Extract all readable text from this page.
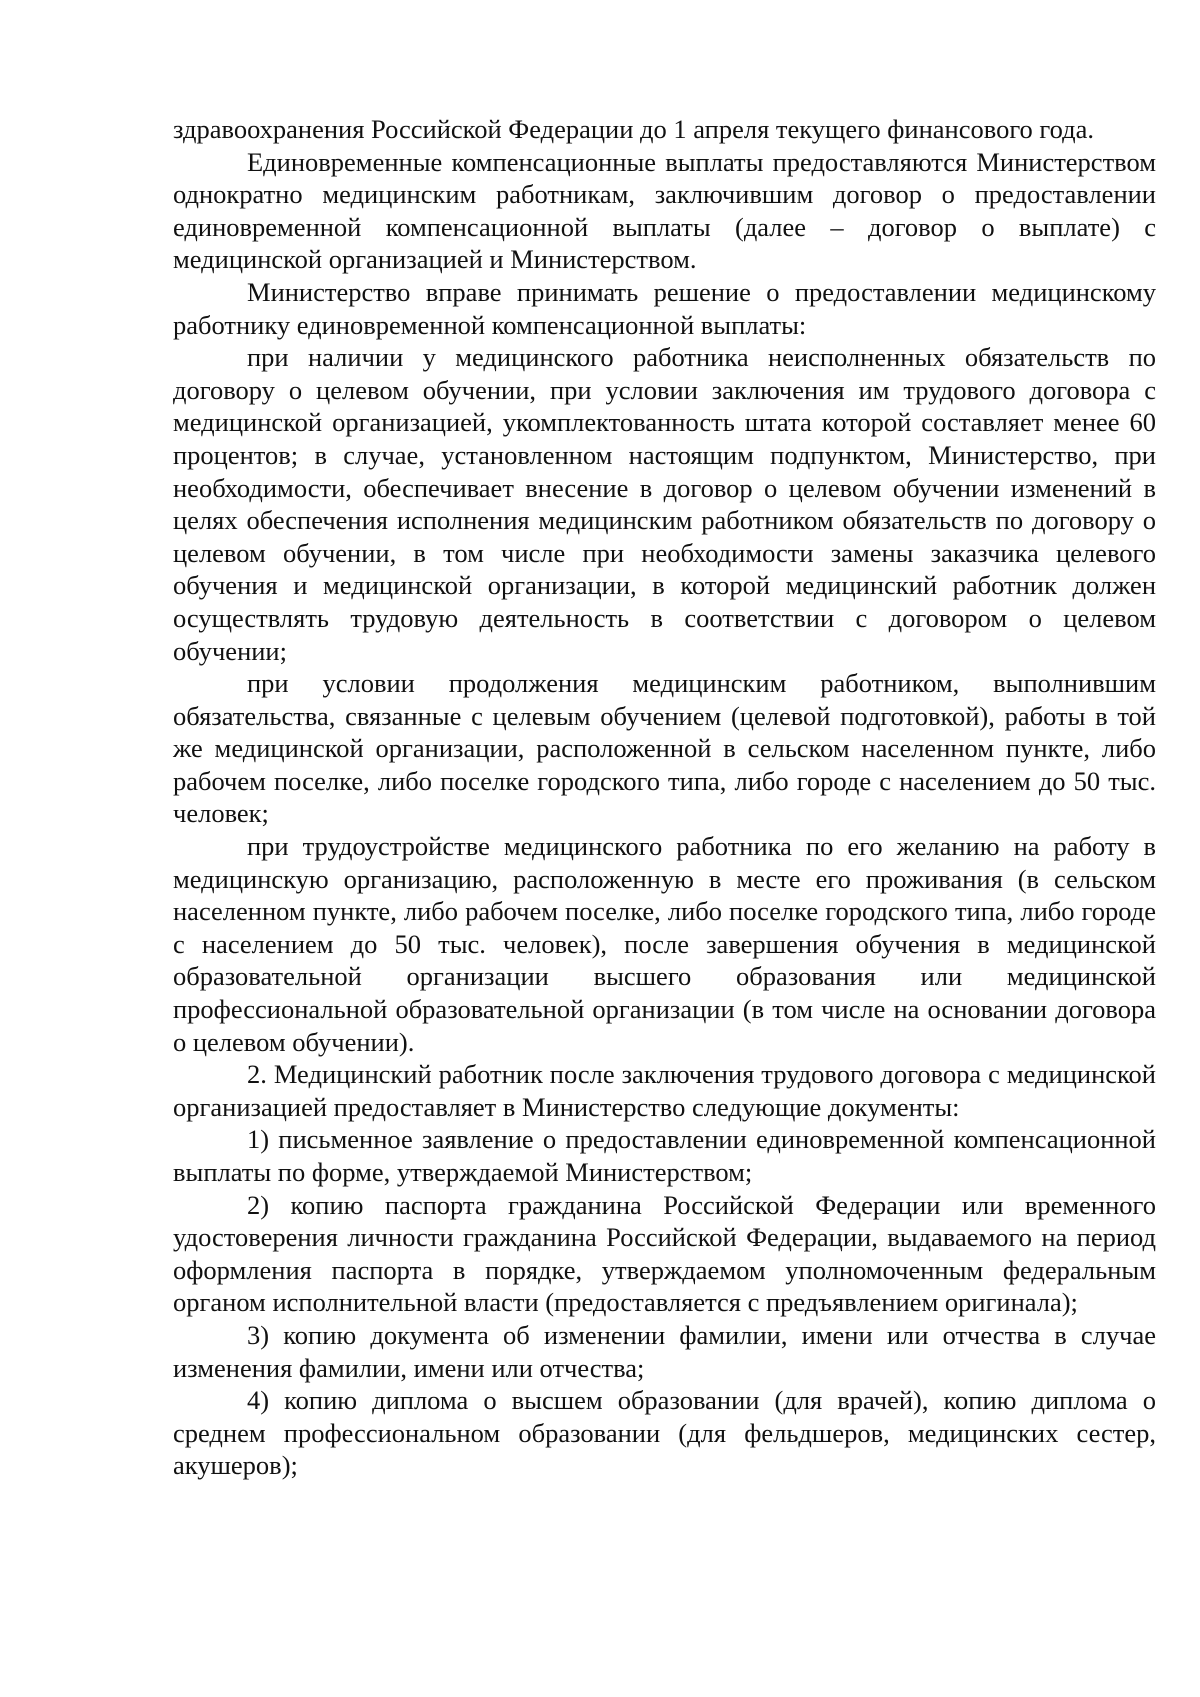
здравоохранения Российской Федерации до 1 апреля текущего финансового года.

Единовременные компенсационные выплаты предоставляются Министерством однократно медицинским работникам, заключившим договор о предоставлении единовременной компенсационной выплаты (далее – договор о выплате) с медицинской организацией и Министерством.

Министерство вправе принимать решение о предоставлении медицинскому работнику единовременной компенсационной выплаты:

при наличии у медицинского работника неисполненных обязательств по договору о целевом обучении, при условии заключения им трудового договора с медицинской организацией, укомплектованность штата которой составляет менее 60 процентов; в случае, установленном настоящим подпунктом, Министерство, при необходимости, обеспечивает внесение в договор о целевом обучении изменений в целях обеспечения исполнения медицинским работником обязательств по договору о целевом обучении, в том числе при необходимости замены заказчика целевого обучения и медицинской организации, в которой медицинский работник должен осуществлять трудовую деятельность в соответствии с договором о целевом обучении;

при условии продолжения медицинским работником, выполнившим обязательства, связанные с целевым обучением (целевой подготовкой), работы в той же медицинской организации, расположенной в сельском населенном пункте, либо рабочем поселке, либо поселке городского типа, либо городе с населением до 50 тыс. человек;

при трудоустройстве медицинского работника по его желанию на работу в медицинскую организацию, расположенную в месте его проживания (в сельском населенном пункте, либо рабочем поселке, либо поселке городского типа, либо городе с населением до 50 тыс. человек), после завершения обучения в медицинской образовательной организации высшего образования или медицинской профессиональной образовательной организации (в том числе на основании договора о целевом обучении).

2. Медицинский работник после заключения трудового договора с медицинской организацией предоставляет в Министерство следующие документы:

1) письменное заявление о предоставлении единовременной компенсационной выплаты по форме, утверждаемой Министерством;

2) копию паспорта гражданина Российской Федерации или временного удостоверения личности гражданина Российской Федерации, выдаваемого на период оформления паспорта в порядке, утверждаемом уполномоченным федеральным органом исполнительной власти (предоставляется с предъявлением оригинала);

3) копию документа об изменении фамилии, имени или отчества в случае изменения фамилии, имени или отчества;

4) копию диплома о высшем образовании (для врачей), копию диплома о среднем профессиональном образовании (для фельдшеров, медицинских сестер, акушеров);
